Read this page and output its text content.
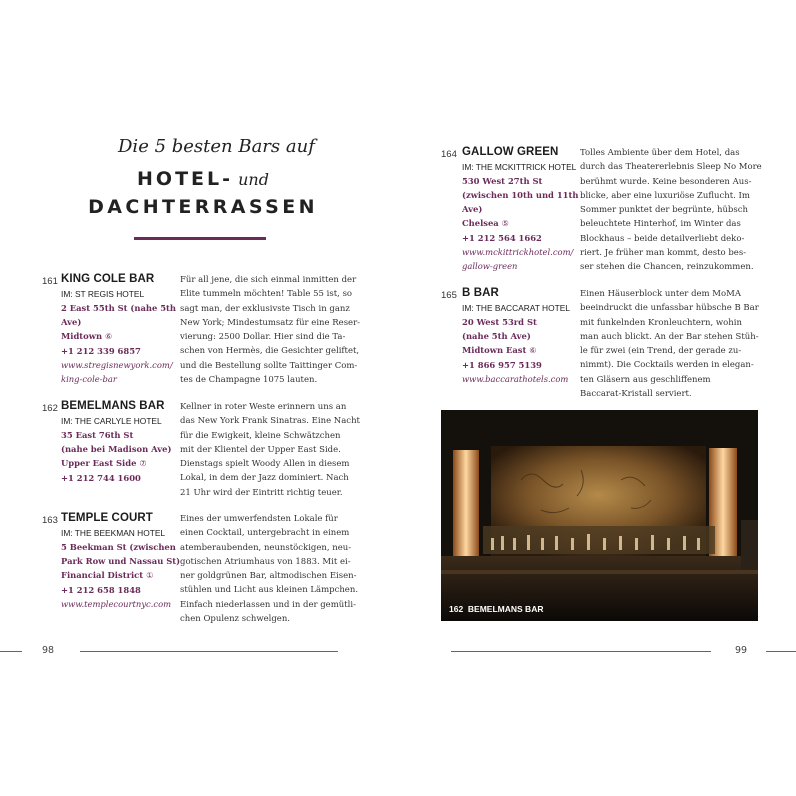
Die 5 besten Bars auf
HOTEL- und
DACHTERRASSEN
161 KING COLE BAR
IM: ST REGIS HOTEL
2 East 55th St (nahe 5th
Ave)
Midtown ⑥
+1 212 339 6857
www.stregisnewyork.com/
king-cole-bar
Für all jene, die sich einmal inmitten der
Elite tummeln möchten! Table 55 ist, so
sagt man, der exklusivste Tisch in ganz
New York; Mindestumsatz für eine Reser-
vierung: 2500 Dollar. Hier sind die Ta-
schen von Hermès, die Gesichter geliftet,
und die Bestellung sollte Taittinger Com-
tes de Champagne 1075 lauten.
162 BEMELMANS BAR
IM: THE CARLYLE HOTEL
35 East 76th St
(nahe bei Madison Ave)
Upper East Side ⑦
+1 212 744 1600
Kellner in roter Weste erinnern uns an
das New York Frank Sinatras. Eine Nacht
für die Ewigkeit, kleine Schwätzchen
mit der Klientel der Upper East Side.
Dienstags spielt Woody Allen in diesem
Lokal, in dem der Jazz dominiert. Nach
21 Uhr wird der Eintritt richtig teuer.
163 TEMPLE COURT
IM: THE BEEKMAN HOTEL
5 Beekman St (zwischen
Park Row und Nassau St)
Financial District ①
+1 212 658 1848
www.templecourtnyc.com
Eines der umwerfendsten Lokale für
einen Cocktail, untergebracht in einem
atemberaubenden, neunstöckigen, neu-
gotischen Atriumhaus von 1883. Mit ei-
ner goldgrünen Bar, altmodischen Eisen-
stühlen und Licht aus kleinen Lämpchen.
Einfach niederlassen und in der gemütli-
chen Opulenz schwelgen.
164 GALLOW GREEN
IM: THE MCKITTRICK HOTEL
530 West 27th St
(zwischen 10th und 11th
Ave)
Chelsea ⑤
+1 212 564 1662
www.mckittrickhotel.com/
gallow-green
Tolles Ambiente über dem Hotel, das
durch das Theatererlebnis Sleep No More
berühmt wurde. Keine besonderen Aus-
blicke, aber eine luxuriöse Zuflucht. Im
Sommer punktet der begrünte, hübsch
beleuchtete Hinterhof, im Winter das
Blockhaus – beide detailverliebt deko-
riert. Je früher man kommt, desto bes-
ser stehen die Chancen, reinzukommen.
165 B BAR
IM: THE BACCARAT HOTEL
20 West 53rd St
(nahe 5th Ave)
Midtown East ⑥
+1 866 957 5139
www.baccarathotels.com
Einen Häuserblock unter dem MoMA
beeindruckt die unfassbar hübsche B Bar
mit funkelnden Kronleuchtern, wohin
man auch blickt. An der Bar stehen Stüh-
le für zwei (ein Trend, der gerade zu-
nimmt). Die Cocktails werden in elegan-
ten Gläsern aus geschliffenem
Baccarat-Kristall serviert.
162 BEMELMANS BAR
98	99
